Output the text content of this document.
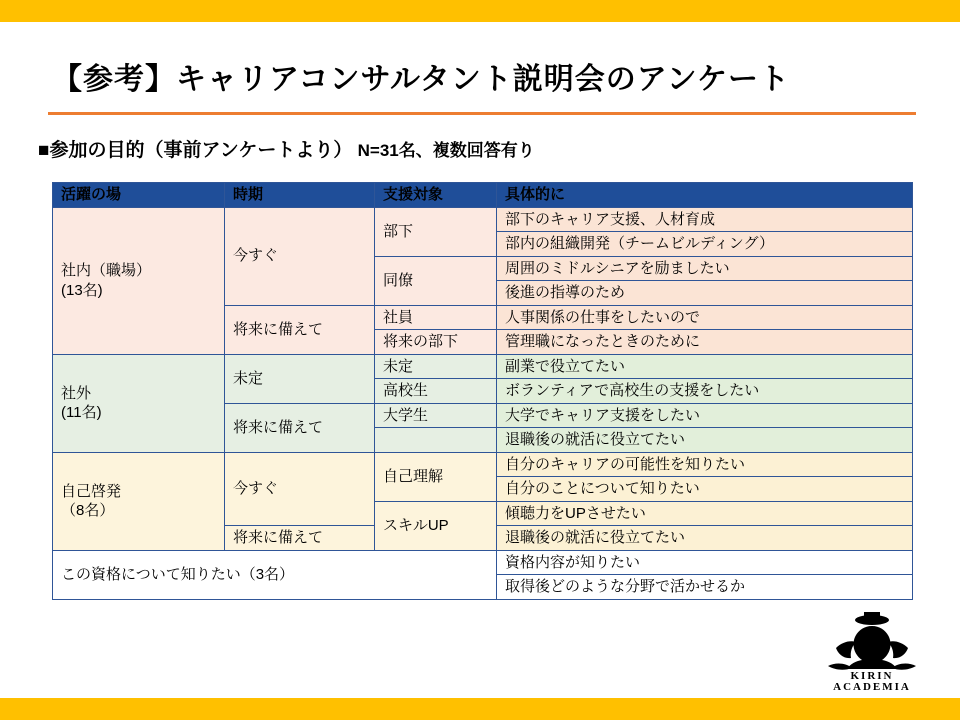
【参考】キャリアコンサルタント説明会のアンケート
■参加の目的（事前アンケートより） N=31名、複数回答有り
活躍の場	時期	支援対象	具体的に

社内（職場）
(13名)	今すぐ	部下	部下のキャリア支援、人材育成
			部内の組織開発（チームビルディング）
		同僚	周囲のミドルシニアを励ましたい
			後進の指導のため
	将来に備えて	社員	人事関係の仕事をしたいので
		将来の部下	管理職になったときのために

社外
(11名)	未定	未定	副業で役立てたい
		高校生	ボランティアで高校生の支援をしたい
	将来に備えて	大学生	大学でキャリア支援をしたい
			退職後の就活に役立てたい

自己啓発
（8名）	今すぐ	自己理解	自分のキャリアの可能性を知りたい
			自分のことについて知りたい
		スキルUP	傾聴力をUPさせたい
	将来に備えて		退職後の就活に役立てたい
この資格について知りたい（3名）			資格内容が知りたい
			取得後どのような分野で活かせるか
KIRIN
ACADEMIA
